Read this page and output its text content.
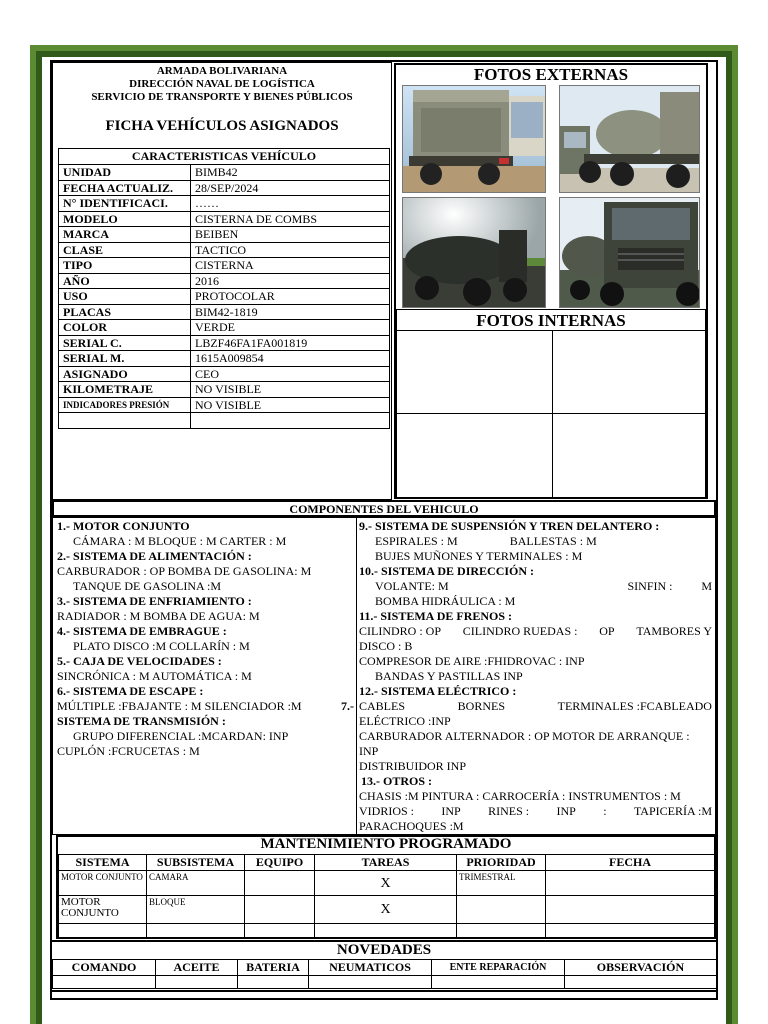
ARMADA BOLIVARIANA
DIRECCIÓN NAVAL DE LOGÍSTICA
SERVICIO DE TRANSPORTE Y BIENES PÚBLICOS
FICHA VEHÍCULOS ASIGNADOS
CARACTERISTICAS VEHÍCULO	
UNIDAD	BIMB42
FECHA ACTUALIZ.	28/SEP/2024
N° IDENTIFICACI.	……
MODELO	CISTERNA DE COMBS
MARCA	BEIBEN
CLASE	TACTICO
TIPO	CISTERNA
AÑO	2016
USO	PROTOCOLAR
PLACAS	BIM42-1819
COLOR	VERDE
SERIAL C.	LBZF46FA1FA001819
SERIAL M.	1615A009854
ASIGNADO	CEO
KILOMETRAJE	NO VISIBLE
INDICADORES PRESIÓN	NO VISIBLE

FOTOS EXTERNAS
FOTOS INTERNAS
COMPONENTES DEL VEHICULO
1.- MOTOR CONJUNTO
CÁMARA : M BLOQUE : M CARTER : M
2.- SISTEMA DE ALIMENTACIÓN :
CARBURADOR : OP BOMBA DE GASOLINA: M
TANQUE DE GASOLINA :M
3.- SISTEMA DE ENFRIAMIENTO :
RADIADOR : M BOMBA DE AGUA: M
4.- SISTEMA DE EMBRAGUE :
PLATO DISCO :M COLLARÍN : M
5.- CAJA DE VELOCIDADES :
SINCRÓNICA : M AUTOMÁTICA : M
6.- SISTEMA DE ESCAPE :
MÚLTIPLE :FBAJANTE : M SILENCIADOR :M	7.-
SISTEMA DE TRANSMISIÓN :
GRUPO DIFERENCIAL :MCARDAN: INP
CUPLÓN :FCRUCETAS : M
9.- SISTEMA DE SUSPENSIÓN Y TREN DELANTERO :
ESPIRALES : M	BALLESTAS : M
BUJES MUÑONES Y TERMINALES : M
10.- SISTEMA DE DIRECCIÓN :
VOLANTE: M	SINFIN : M
BOMBA HIDRÁULICA : M
11.- SISTEMA DE FRENOS :
CILINDRO : OP CILINDRO RUEDAS : OP TAMBORES Y
DISCO : B
COMPRESOR DE AIRE :FHIDROVAC : INP
BANDAS Y PASTILLAS INP
12.- SISTEMA ELÉCTRICO :
CABLES	BORNES	TERMINALES :FCABLEADO
ELÉCTRICO :INP
CARBURADOR ALTERNADOR : OP MOTOR DE ARRANQUE :
INP
DISTRIBUIDOR INP
13.- OTROS :
CHASIS :M PINTURA : CARROCERÍA : INSTRUMENTOS : M
VIDRIOS : INP RINES : INP : TAPICERÍA :M
PARACHOQUES :M
MANTENIMIENTO PROGRAMADO
SISTEMA	SUBSISTEMA	EQUIPO	TAREAS	PRIORIDAD	FECHA
MOTOR CONJUNTO	CAMARA		X	TRIMESTRAL	
MOTOR CONJUNTO	BLOQUE		X		

NOVEDADES
COMANDO	ACEITE	BATERIA	NEUMATICOS	ENTE REPARACIÓN	OBSERVACIÓN
